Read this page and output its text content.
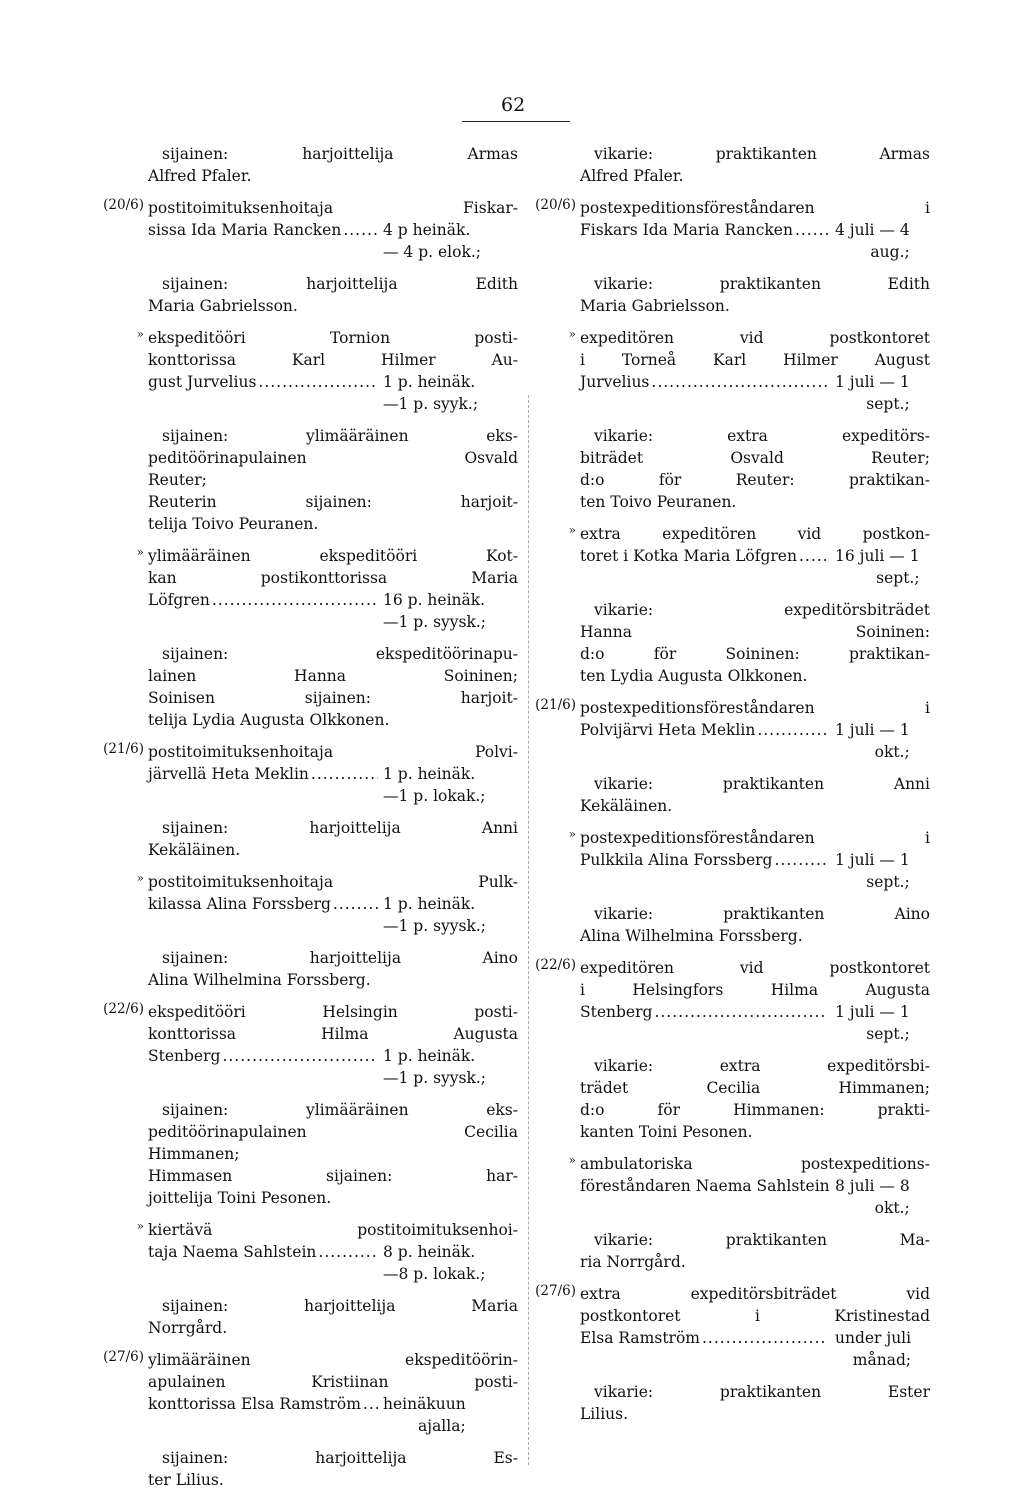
62
sijainen: harjoittelija Armas
Alfred Pfaler.
(20/6) postitoimituksenhoitaja Fiskar-
sissa Ida Maria Rancken .....	4 p heinäk.
— 4 p. elok.;
sijainen: harjoittelija Edith
Maria Gabrielsson.
» ekspeditööri Tornion posti-
konttorissa Karl Hilmer Au-
gust Jurvelius .....	1 p. heinäk.
—1 p. syyk.;
sijainen: ylimääräinen eks-
peditöörinapulainen Osvald
Reuter;
Reuterin sijainen: harjoit-
telija Toivo Peuranen.
» ylimääräinen ekspeditööri Kot-
kan postikonttorissa Maria
Löfgren .....	16 p. heinäk.
—1 p. syysk.;
sijainen: ekspeditöörinapu-
lainen Hanna Soininen;
Soinisen sijainen: harjoit-
telija Lydia Augusta Olkkonen.
(21/6) postitoimituksenhoitaja Polvi-
järvellä Heta Meklin .....	1 p. heinäk.
—1 p. lokak.;
sijainen: harjoittelija Anni
Kekäläinen.
» postitoimituksenhoitaja Pulk-
kilassa Alina Forssberg .....	1 p. heinäk.
—1 p. syysk.;
sijainen: harjoittelija Aino
Alina Wilhelmina Forssberg.
(22/6) ekspeditööri Helsingin posti-
konttorissa Hilma Augusta
Stenberg .....	1 p. heinäk.
—1 p. syysk.;
sijainen: ylimääräinen eks-
peditöörinapulainen Cecilia
Himmanen;
Himmasen sijainen: har-
joittelija Toini Pesonen.
» kiertävä postitoimituksenhoi-
taja Naema Sahlstein .....	8 p. heinäk.
—8 p. lokak.;
sijainen: harjoittelija Maria
Norrgård.
(27/6) ylimääräinen ekspeditöörin-
apulainen Kristiinan posti-
konttorissa Elsa Ramström ..... heinäkuun
ajalla;
sijainen: harjoittelija Es-
ter Lilius.
vikarie: praktikanten Armas
Alfred Pfaler.
(20/6) postexpeditionsföreståndaren i
Fiskars Ida Maria Rancken .....	4 juli — 4
aug.;
vikarie: praktikanten Edith
Maria Gabrielsson.
» expeditören vid postkontoret
i Torneå Karl Hilmer August
Jurvelius .....	1 juli — 1
sept.;
vikarie: extra expeditörs-
biträdet Osvald Reuter;
d:o för Reuter: praktikan-
ten Toivo Peuranen.
» extra expeditören vid postkon-
toret i Kotka Maria Löfgren ..... 16 juli — 1
sept.;
vikarie: expeditörsbiträdet
Hanna Soininen:
d:o för Soininen: praktikan-
ten Lydia Augusta Olkkonen.
(21/6) postexpeditionsföreståndaren i
Polvijärvi Heta Meklin .....	1 juli — 1
okt.;
vikarie: praktikanten Anni
Kekäläinen.
» postexpeditionsföreståndaren i
Pulkkila Alina Forssberg .....	1 juli — 1
sept.;
vikarie: praktikanten Aino
Alina Wilhelmina Forssberg.
(22/6) expeditören vid postkontoret
i Helsingfors Hilma Augusta
Stenberg .....	1 juli — 1
sept.;
vikarie: extra expeditörsbi-
trädet Cecilia Himmanen;
d:o för Himmanen: prakti-
kanten Toini Pesonen.
» ambulatoriska postexpeditions-
föreståndaren Naema Sahlstein 8 juli — 8
okt.;
vikarie: praktikanten Ma-
ria Norrgård.
(27/6) extra expeditörsbiträdet vid
postkontoret i Kristinestad
Elsa Ramström .....	under juli
månad;
vikarie: praktikanten Ester
Lilius.
